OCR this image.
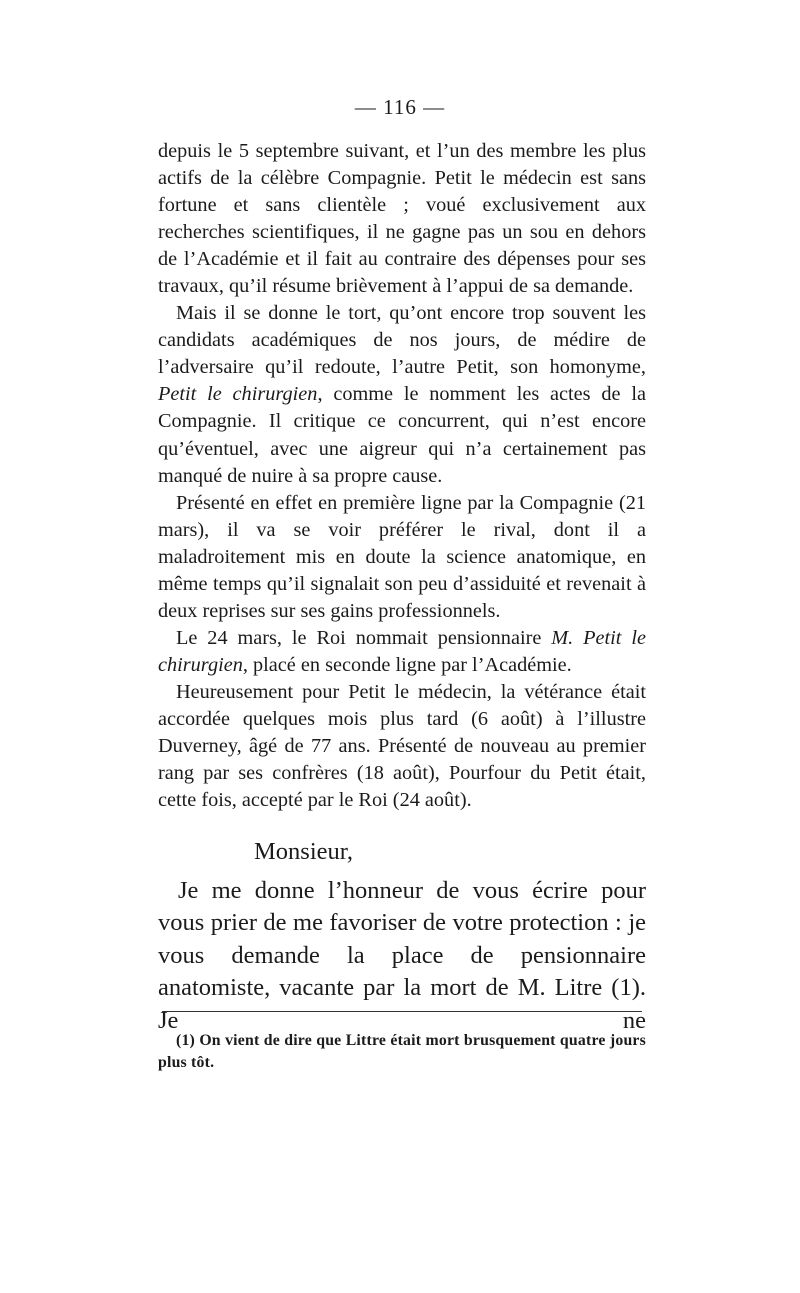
— 116 —

depuis le 5 septembre suivant, et l’un des membre les plus actifs de la célèbre Compagnie. Petit le médecin est sans fortune et sans clientèle ; voué exclusivement aux recherches scientifiques, il ne gagne pas un sou en dehors de l’Académie et il fait au contraire des dépenses pour ses travaux, qu’il résume brièvement à l’appui de sa demande.

Mais il se donne le tort, qu’ont encore trop souvent les candidats académiques de nos jours, de médire de l’adversaire qu’il redoute, l’autre Petit, son homonyme, Petit le chirurgien, comme le nomment les actes de la Compagnie. Il critique ce concurrent, qui n’est encore qu’éventuel, avec une aigreur qui n’a certainement pas manqué de nuire à sa propre cause.

Présenté en effet en première ligne par la Compagnie (21 mars), il va se voir préférer le rival, dont il a maladroitement mis en doute la science anatomique, en même temps qu’il signalait son peu d’assiduité et revenait à deux reprises sur ses gains professionnels.

Le 24 mars, le Roi nommait pensionnaire M. Petit le chirurgien, placé en seconde ligne par l’Académie.

Heureusement pour Petit le médecin, la vétérance était accordée quelques mois plus tard (6 août) à l’illustre Duverney, âgé de 77 ans. Présenté de nouveau au premier rang par ses confrères (18 août), Pourfour du Petit était, cette fois, accepté par le Roi (24 août).

Monsieur,

Je me donne l’honneur de vous écrire pour vous prier de me favoriser de votre protection : je vous demande la place de pensionnaire anatomiste, vacante par la mort de M. Litre (1). Je ne

(1) On vient de dire que Littre était mort brusquement quatre jours plus tôt.
